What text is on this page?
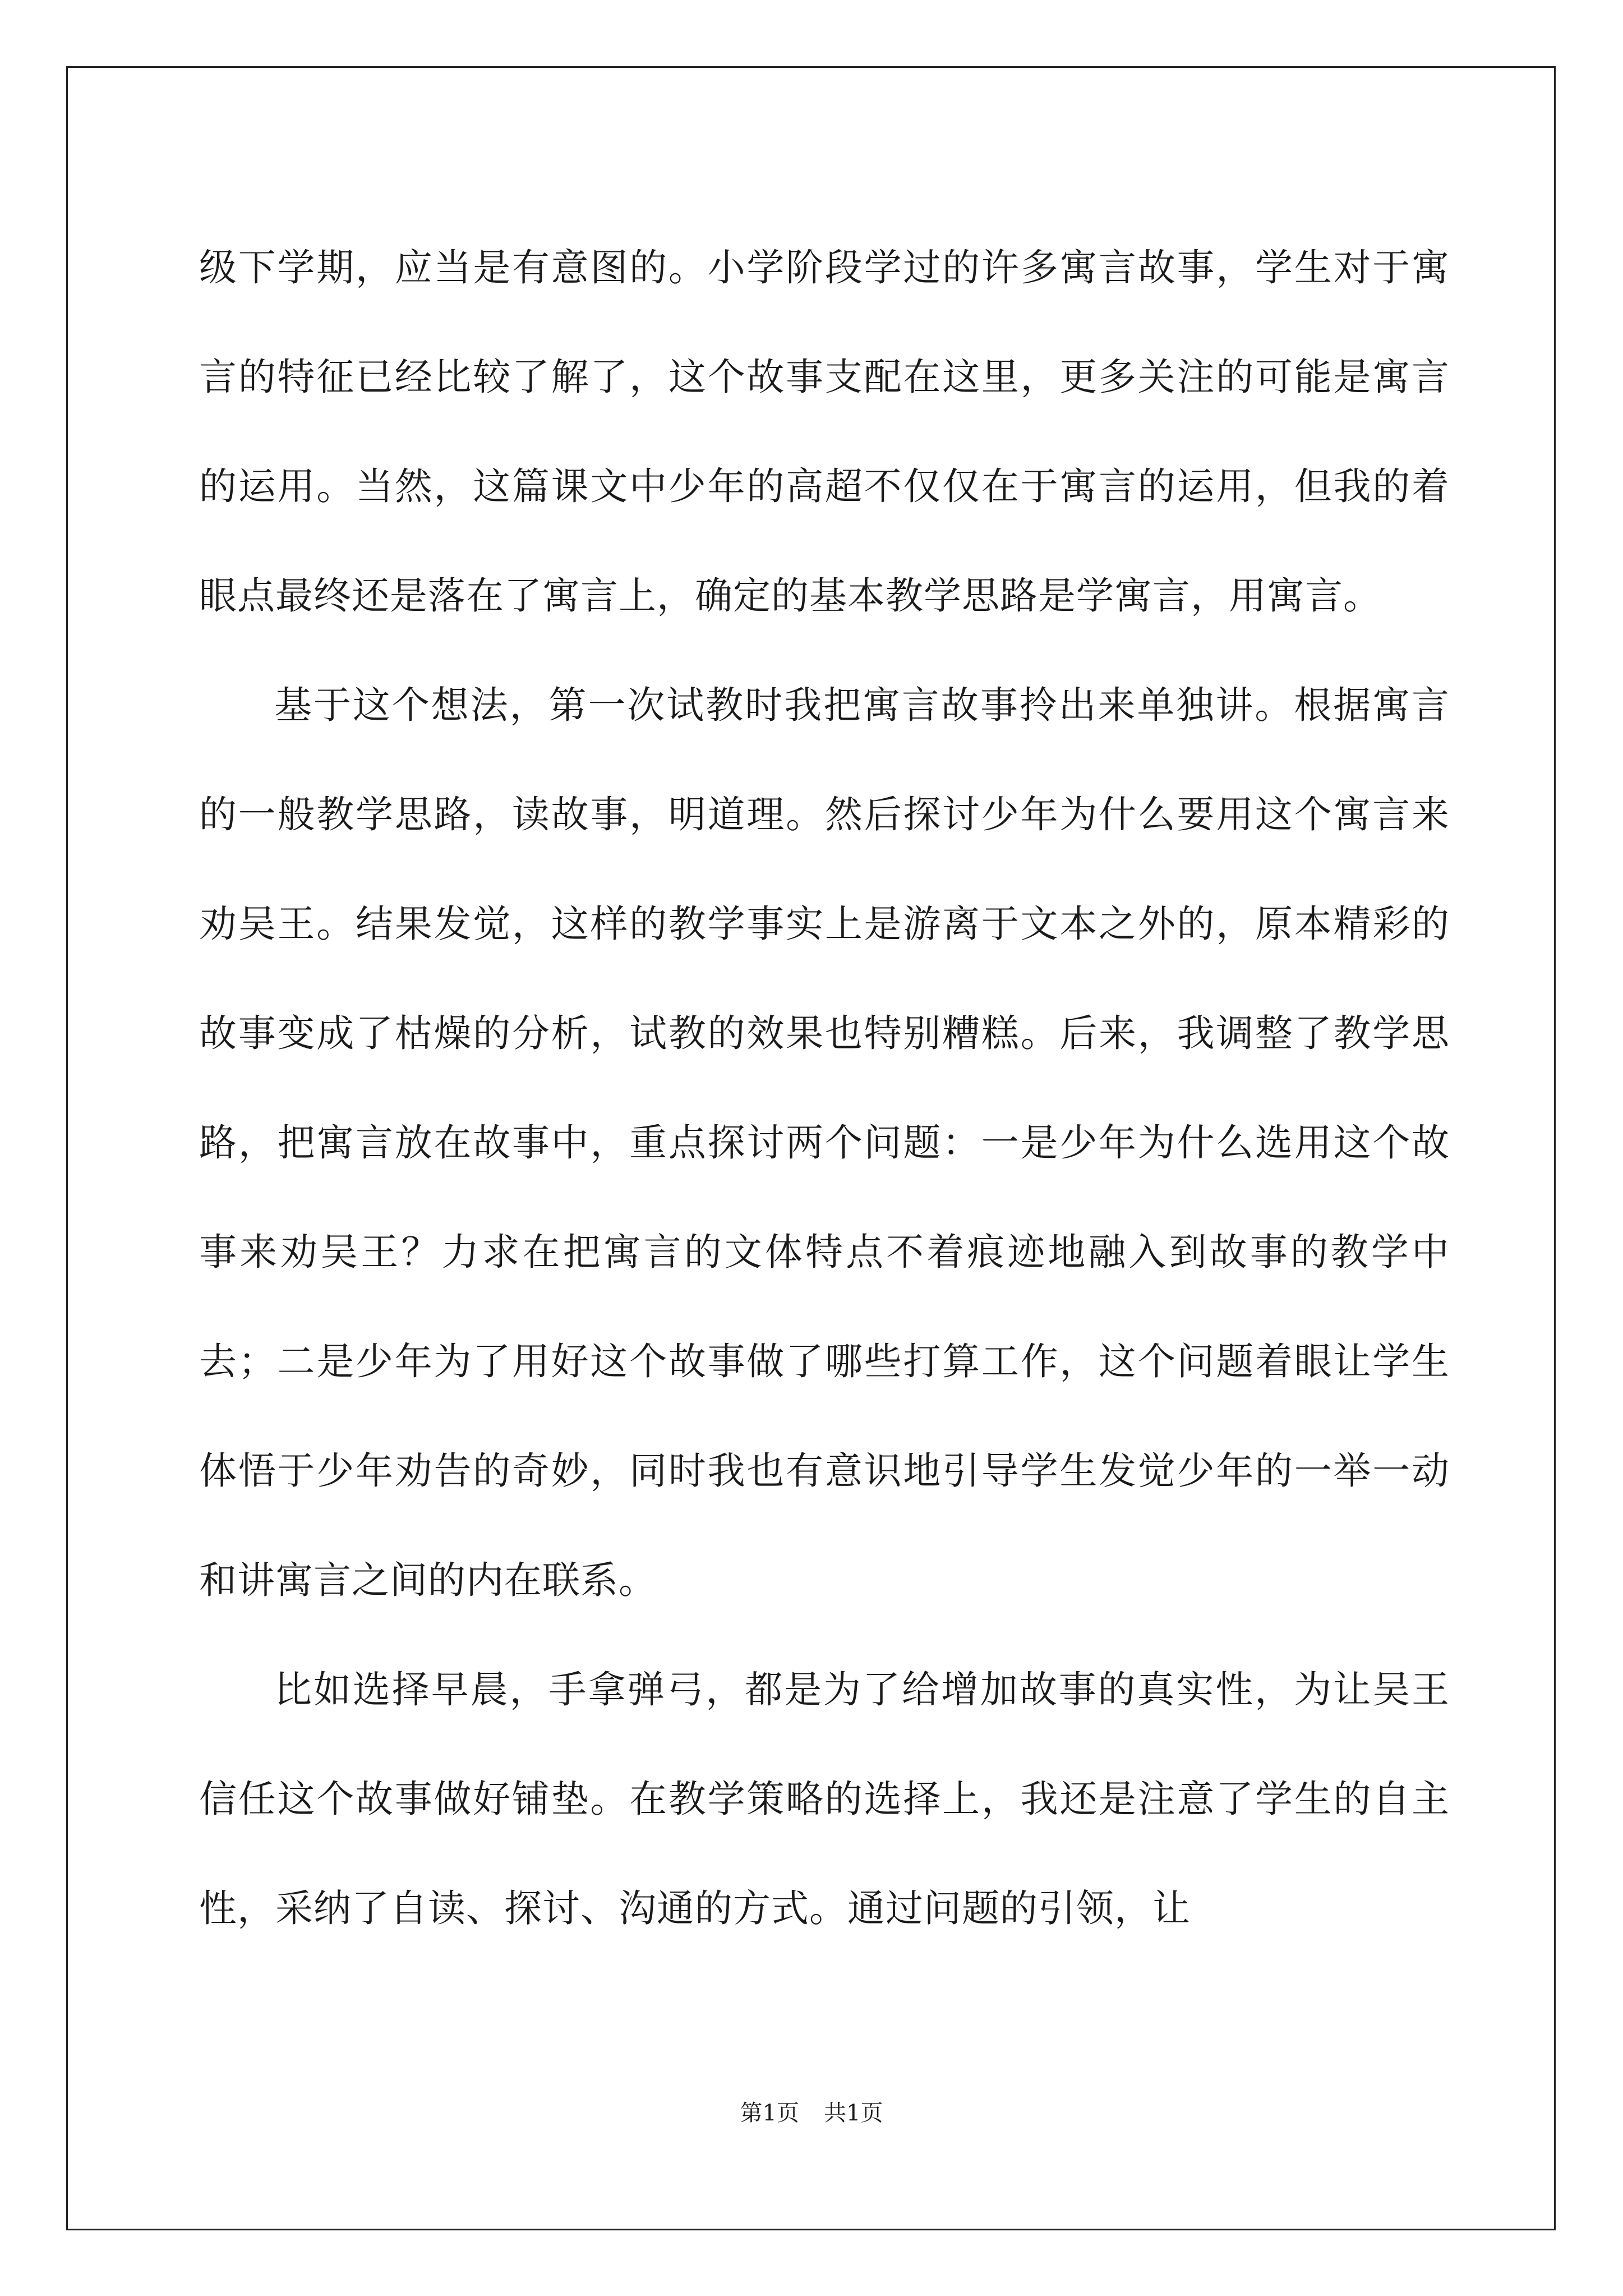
级下学期，应当是有意图的。小学阶段学过的许多寓言故事，学生对于寓言的特征已经比较了解了，这个故事支配在这里，更多关注的可能是寓言的运用。当然，这篇课文中少年的高超不仅仅在于寓言的运用，但我的着眼点最终还是落在了寓言上，确定的基本教学思路是学寓言，用寓言。

基于这个想法，第一次试教时我把寓言故事拎出来单独讲。根据寓言的一般教学思路，读故事，明道理。然后探讨少年为什么要用这个寓言来劝吴王。结果发觉，这样的教学事实上是游离于文本之外的，原本精彩的故事变成了枯燥的分析，试教的效果也特别糟糕。后来，我调整了教学思路，把寓言放在故事中，重点探讨两个问题：一是少年为什么选用这个故事来劝吴王？力求在把寓言的文体特点不着痕迹地融入到故事的教学中去；二是少年为了用好这个故事做了哪些打算工作，这个问题着眼让学生体悟于少年劝告的奇妙，同时我也有意识地引导学生发觉少年的一举一动和讲寓言之间的内在联系。

比如选择早晨，手拿弹弓，都是为了给增加故事的真实性，为让吴王信任这个故事做好铺垫。在教学策略的选择上，我还是注意了学生的自主性，采纳了自读、探讨、沟通的方式。通过问题的引领，让

第1页 共1页
